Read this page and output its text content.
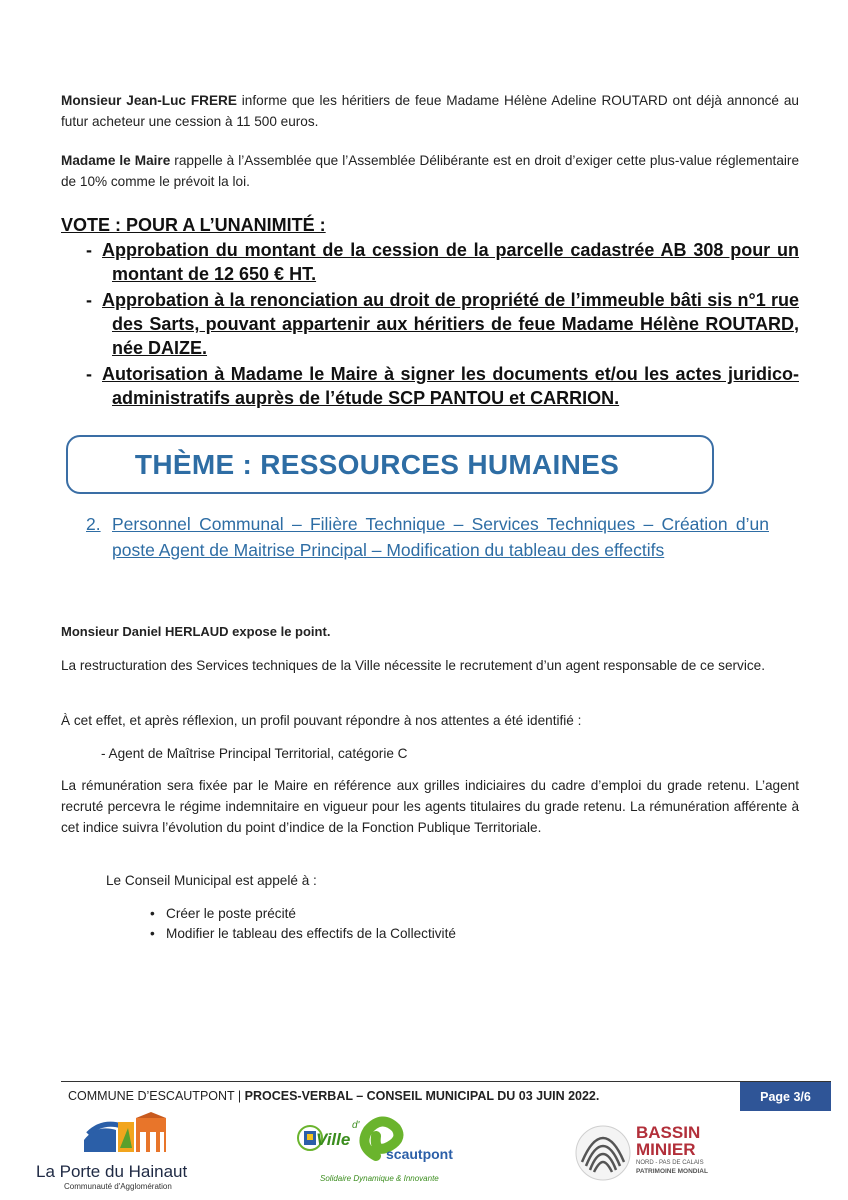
Monsieur Jean-Luc FRERE informe que les héritiers de feue Madame Hélène Adeline ROUTARD ont déjà annoncé au futur acheteur une cession à 11 500 euros.

Madame le Maire rappelle à l’Assemblée que l’Assemblée Délibérante est en droit d’exiger cette plus-value réglementaire de 10% comme le prévoit la loi.

VOTE : POUR A L’UNANIMITÉ :
- Approbation du montant de la cession de la parcelle cadastrée AB 308 pour un montant de 12 650 € HT.
- Approbation à la renonciation au droit de propriété de l’immeuble bâti sis n°1 rue des Sarts, pouvant appartenir aux héritiers de feue Madame Hélène ROUTARD, née DAIZE.
- Autorisation à Madame le Maire à signer les documents et/ou les actes juridico-administratifs auprès de l’étude SCP PANTOU et CARRION.
THÈME : RESSOURCES HUMAINES
2. Personnel Communal – Filière Technique – Services Techniques – Création d’un poste Agent de Maitrise Principal – Modification du tableau des effectifs

Monsieur Daniel HERLAUD expose le point.

La restructuration des Services techniques de la Ville nécessite le recrutement d’un agent responsable de ce service.

À cet effet, et après réflexion, un profil pouvant répondre à nos attentes a été identifié :

- Agent de Maîtrise Principal Territorial, catégorie C

La rémunération sera fixée par le Maire en référence aux grilles indiciaires du cadre d’emploi du grade retenu. L’agent recruté percevra le régime indemnitaire en vigueur pour les agents titulaires du grade retenu. La rémunération afférente à cet indice suivra l’évolution du point d’indice de la Fonction Publique Territoriale.

Le Conseil Municipal est appelé à :
• Créer le poste précité
• Modifier le tableau des effectifs de la Collectivité
COMMUNE D’ESCAUTPONT | PROCES-VERBAL – CONSEIL MUNICIPAL DU 03 JUIN 2022.	Page 3/6
La Porte du Hainaut
Communauté d'Agglomération
Ville
d'
scautpont
Solidaire Dynamique & Innovante
BASSIN
MINIER
NORD - PAS DE CALAIS
PATRIMOINE MONDIAL
